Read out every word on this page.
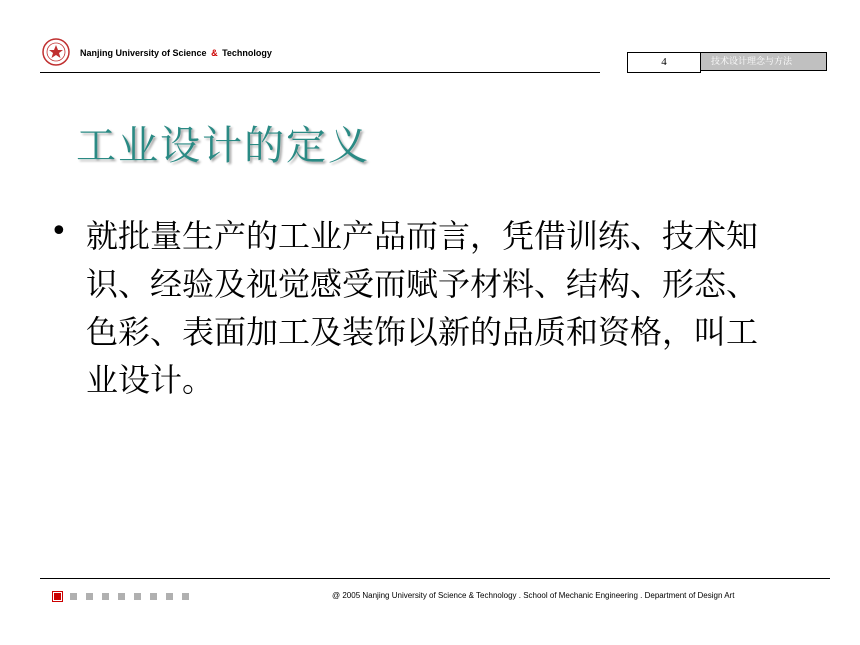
Nanjing University of Science & Technology
4	技术设计理念与方法
工业设计的定义
• 就批量生产的工业产品而言，凭借训练、技术知识、经验及视觉感受而赋予材料、结构、形态、色彩、表面加工及装饰以新的品质和资格，叫工业设计。
@ 2005 Nanjing University of Science & Technology . School of Mechanic Engineering . Department of Design Art
